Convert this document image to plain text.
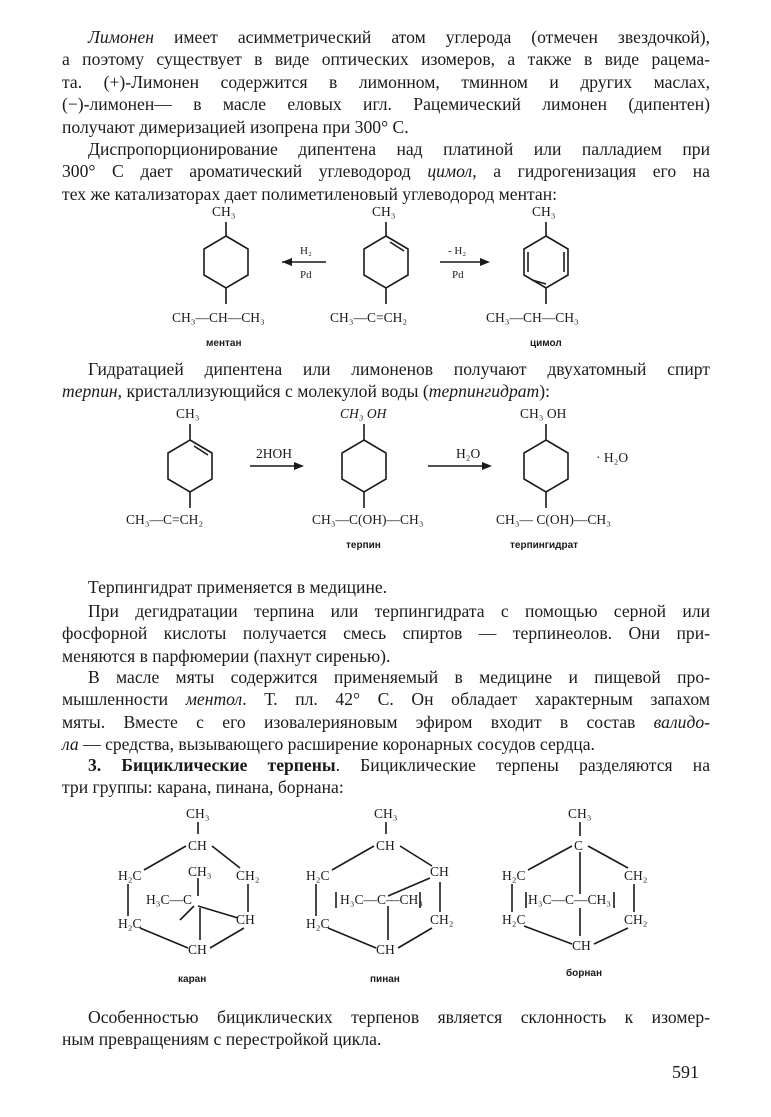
Лимонен имеет асимметрический атом углерода (отмечен звездочкой),
а поэтому существует в виде оптических изомеров, а также в виде рацема-
та. (+)-Лимонен содержится в лимонном, тминном и других маслах,
(−)-лимонен— в масле еловых игл. Рацемический лимонен (дипентен)
получают димеризацией изопрена при 300° С.
Диспропорционирование дипентена над платиной или палладием при
300° С дает ароматический углеводород цимол, а гидрогенизация его на
тех же катализаторах дает полиметиленовый углеводород ментан:
CH₃
CH₃—CH—CH₃
ментан
H₂
Pd
CH₃
CH₃—C=CH₂
- H₂
Pd
CH₃
CH₃—CH—CH₃
цимол
Гидратацией дипентена или лимоненов получают двухатомный спирт
терпин, кристаллизующийся с молекулой воды (терпингидрат):
CH₃
CH₃—C=CH₂
2HOH
CH₃ OH
CH₃—C(OH)—CH₃
терпин
H₂O
CH₃ OH
· H₂O
CH₃— C(OH)—CH₃
терпингидрат
Терпингидрат применяется в медицине.
При дегидратации терпина или терпингидрата с помощью серной или
фосфорной кислоты получается смесь спиртов — терпинеолов. Они при-
меняются в парфюмерии (пахнут сиренью).
В масле мяты содержится применяемый в медицине и пищевой про-
мышленности ментол. Т. пл. 42° С. Он обладает характерным запахом
мяты. Вместе с его изовалерияновым эфиром входит в состав валидо-
ла — средства, вызывающего расширение коронарных сосудов сердца.
3. Бициклические терпены. Бициклические терпены разделяются на
три группы: карана, пинана, борнана:
CH₃
CH
H₂C	CH₃ CH₂
H₃C—C
H₂C	CH
CH
каран
CH₃
CH
H₂C	CH
H₃C—C—CH₃
H₂C	CH₂
CH
пинан
CH₃
C
H₂C	CH₂
H₃C—C—CH₃
H₂C	CH₂
CH
борнан
Особенностью бициклических терпенов является склонность к изомер-
ным превращениям с перестройкой цикла.
591
